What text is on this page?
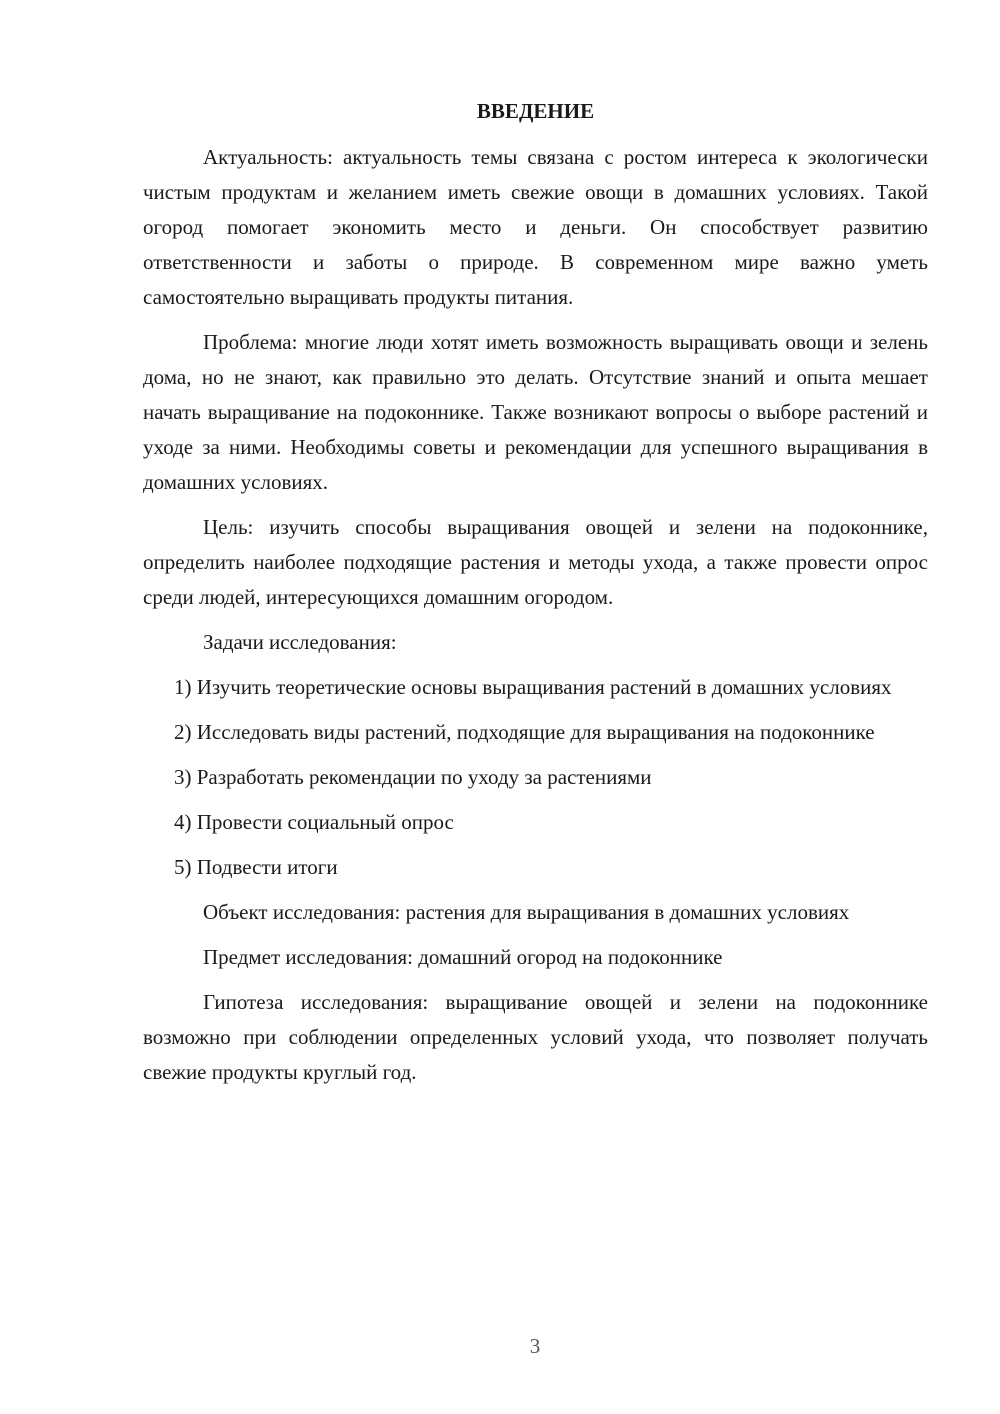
ВВЕДЕНИЕ

Актуальность: актуальность темы связана с ростом интереса к экологически чистым продуктам и желанием иметь свежие овощи в домашних условиях. Такой огород помогает экономить место и деньги. Он способствует развитию ответственности и заботы о природе. В современном мире важно уметь самостоятельно выращивать продукты питания.

Проблема: многие люди хотят иметь возможность выращивать овощи и зелень дома, но не знают, как правильно это делать. Отсутствие знаний и опыта мешает начать выращивание на подоконнике. Также возникают вопросы о выборе растений и уходе за ними. Необходимы советы и рекомендации для успешного выращивания в домашних условиях.

Цель: изучить способы выращивания овощей и зелени на подоконнике, определить наиболее подходящие растения и методы ухода, а также провести опрос среди людей, интересующихся домашним огородом.

Задачи исследования:

1) Изучить теоретические основы выращивания растений в домашних условиях

2) Исследовать виды растений, подходящие для выращивания на подоконнике

3) Разработать рекомендации по уходу за растениями

4) Провести социальный опрос

5) Подвести итоги

Объект исследования: растения для выращивания в домашних условиях

Предмет исследования: домашний огород на подоконнике

Гипотеза исследования: выращивание овощей и зелени на подоконнике возможно при соблюдении определенных условий ухода, что позволяет получать свежие продукты круглый год.

3
